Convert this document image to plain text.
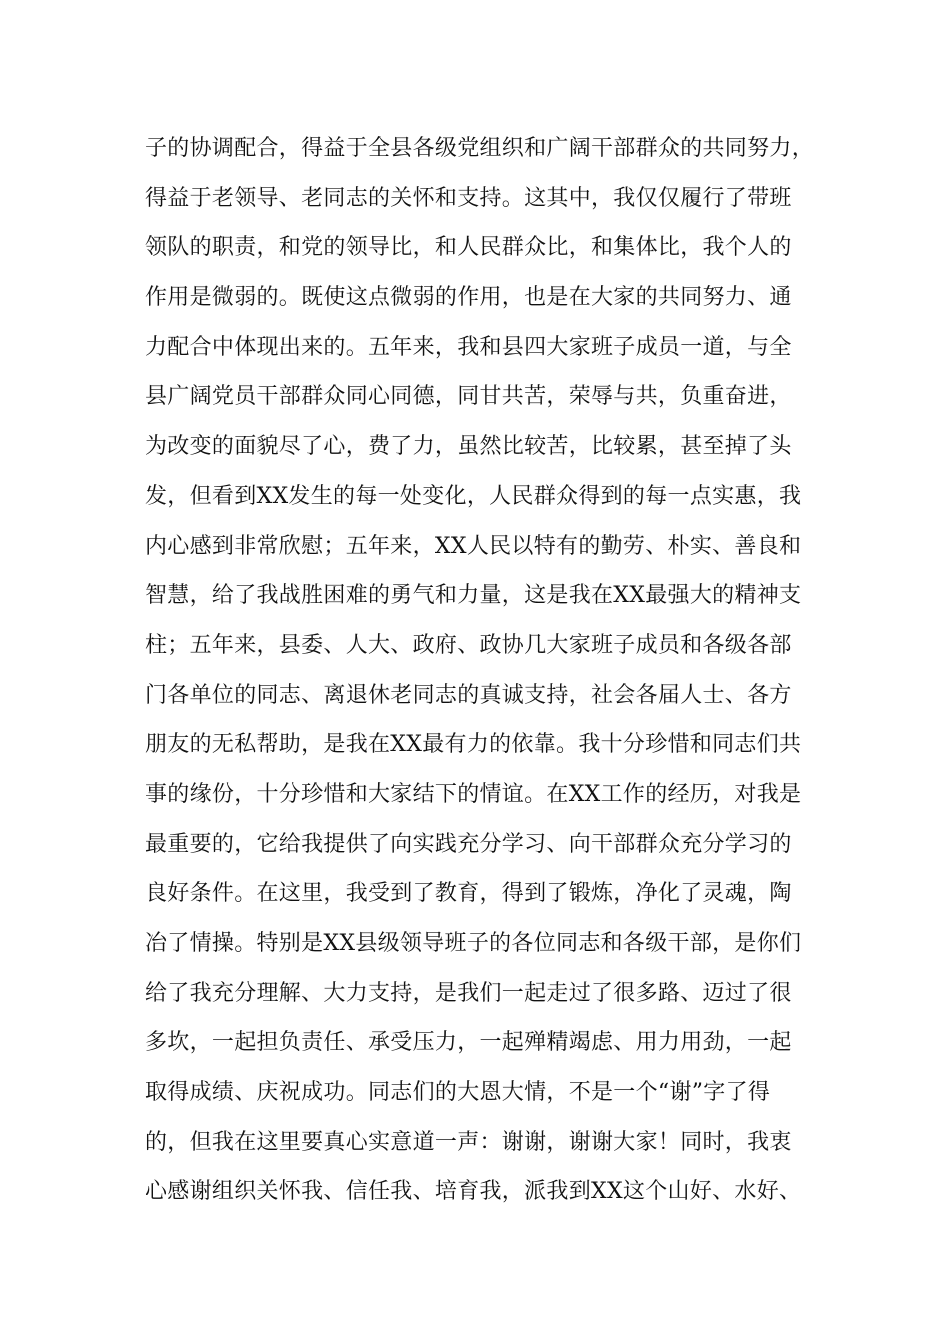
子的协调配合，得益于全县各级党组织和广阔干部群众的共同努力，
得益于老领导、老同志的关怀和支持。这其中，我仅仅履行了带班
领队的职责，和党的领导比，和人民群众比，和集体比，我个人的
作用是微弱的。既使这点微弱的作用，也是在大家的共同努力、通
力配合中体现出来的。五年来，我和县四大家班子成员一道，与全
县广阔党员干部群众同心同德，同甘共苦，荣辱与共，负重奋进，
为改变的面貌尽了心，费了力，虽然比较苦，比较累，甚至掉了头
发，但看到XX发生的每一处变化，人民群众得到的每一点实惠，我
内心感到非常欣慰；五年来，XX人民以特有的勤劳、朴实、善良和
智慧，给了我战胜困难的勇气和力量，这是我在XX最强大的精神支
柱；五年来，县委、人大、政府、政协几大家班子成员和各级各部
门各单位的同志、离退休老同志的真诚支持，社会各届人士、各方
朋友的无私帮助，是我在XX最有力的依靠。我十分珍惜和同志们共
事的缘份，十分珍惜和大家结下的情谊。在XX工作的经历，对我是
最重要的，它给我提供了向实践充分学习、向干部群众充分学习的
良好条件。在这里，我受到了教育，得到了锻炼，净化了灵魂，陶
冶了情操。特别是XX县级领导班子的各位同志和各级干部，是你们
给了我充分理解、大力支持，是我们一起走过了很多路、迈过了很
多坎，一起担负责任、承受压力，一起殚精竭虑、用力用劲，一起
取得成绩、庆祝成功。同志们的大恩大情，不是一个“谢”字了得
的，但我在这里要真心实意道一声：谢谢，谢谢大家！同时，我衷
心感谢组织关怀我、信任我、培育我，派我到XX这个山好、水好、
